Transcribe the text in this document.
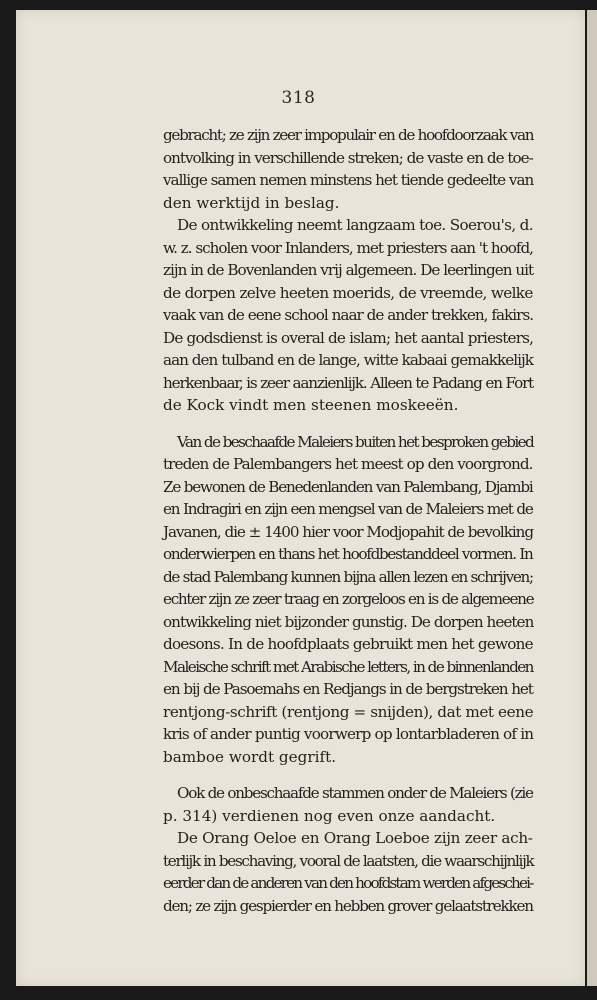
318
gebracht; ze zijn zeer impopulair en de hoofdoorzaak van
ontvolking in verschillende streken; de vaste en de toe-
vallige samen nemen minstens het tiende gedeelte van
den werktijd in beslag.
De ontwikkeling neemt langzaam toe. Soerou's, d.
w. z. scholen voor Inlanders, met priesters aan 't hoofd,
zijn in de Bovenlanden vrij algemeen. De leerlingen uit
de dorpen zelve heeten moerids, de vreemde, welke
vaak van de eene school naar de ander trekken, fakirs.
De godsdienst is overal de islam; het aantal priesters,
aan den tulband en de lange, witte kabaai gemakkelijk
herkenbaar, is zeer aanzienlijk. Alleen te Padang en Fort
de Kock vindt men steenen moskeeën.
Van de beschaafde Maleiers buiten het besproken gebied
treden de Palembangers het meest op den voorgrond.
Ze bewonen de Benedenlanden van Palembang, Djambi
en Indragiri en zijn een mengsel van de Maleiers met de
Javanen, die ± 1400 hier voor Modjopahit de bevolking
onderwierpen en thans het hoofdbestanddeel vormen. In
de stad Palembang kunnen bijna allen lezen en schrijven;
echter zijn ze zeer traag en zorgeloos en is de algemeene
ontwikkeling niet bijzonder gunstig. De dorpen heeten
doesons. In de hoofdplaats gebruikt men het gewone
Maleische schrift met Arabische letters, in de binnenlanden
en bij de Pasoemahs en Redjangs in de bergstreken het
rentjong-schrift (rentjong = snijden), dat met eene
kris of ander puntig voorwerp op lontarbladeren of in
bamboe wordt gegrift.
Ook de onbeschaafde stammen onder de Maleiers (zie
p. 314) verdienen nog even onze aandacht.
De Orang Oeloe en Orang Loeboe zijn zeer ach-
terlijk in beschaving, vooral de laatsten, die waarschijnlijk
eerder dan de anderen van den hoofdstam werden afgeschei-
den; ze zijn gespierder en hebben grover gelaatstrekken
